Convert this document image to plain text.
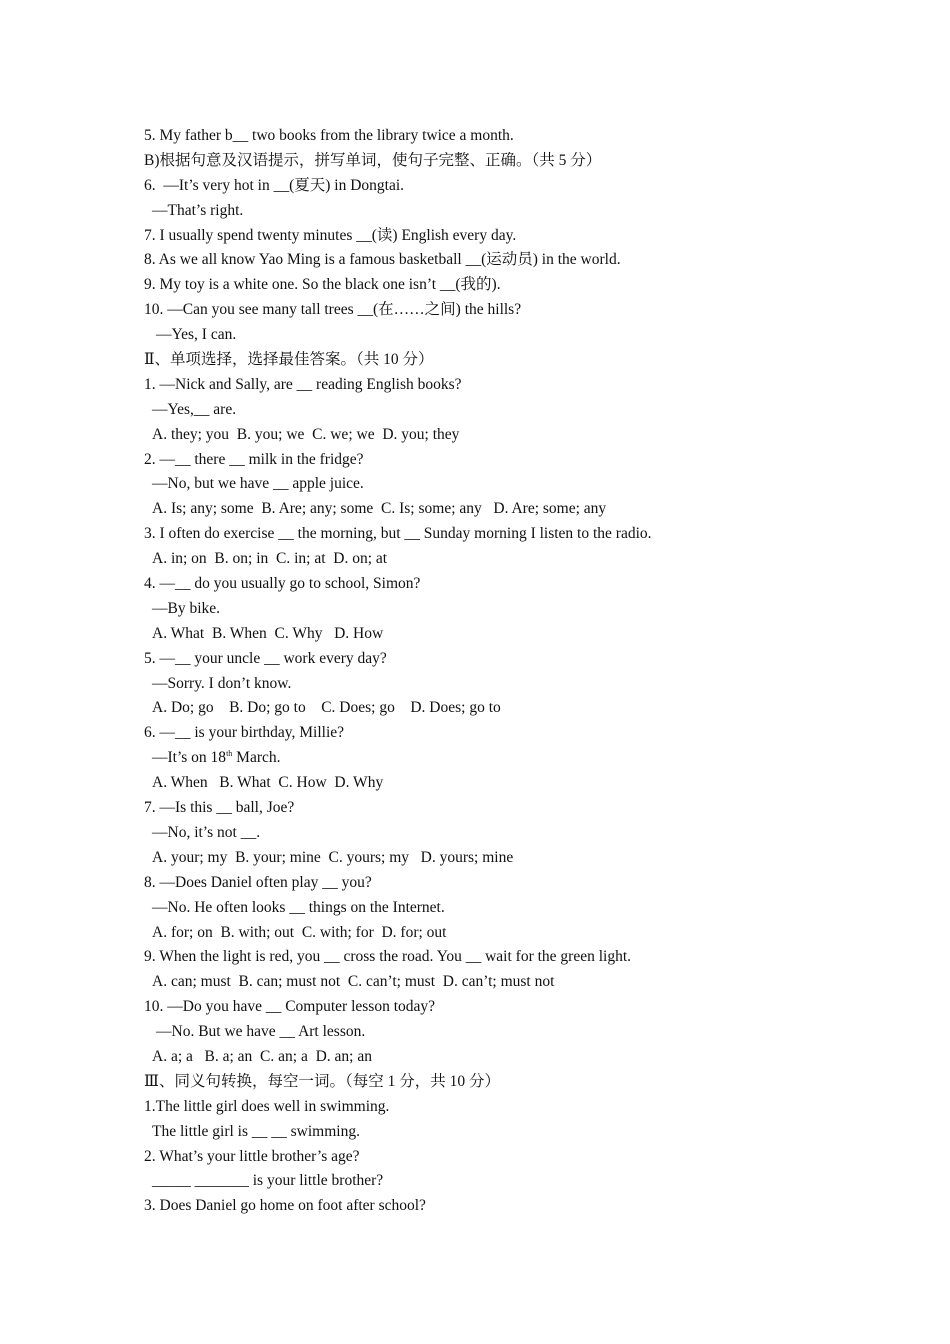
5. My father b__ two books from the library twice a month.
B)根据句意及汉语提示，拼写单词，使句子完整、正确。（共 5 分）
6.  —It’s very hot in __(夏天) in Dongtai.
—That’s right.
7. I usually spend twenty minutes __(读) English every day.
8. As we all know Yao Ming is a famous basketball __(运动员) in the world.
9. My toy is a white one. So the black one isn’t __(我的).
10. —Can you see many tall trees __(在……之间) the hills?
—Yes, I can.
Ⅱ、单项选择，选择最佳答案。（共 10 分）
1. —Nick and Sally, are __ reading English books?
—Yes,__ are.
A. they; you  B. you; we  C. we; we  D. you; they
2. —__ there __ milk in the fridge?
—No, but we have __ apple juice.
A. Is; any; some  B. Are; any; some  C. Is; some; any   D. Are; some; any
3. I often do exercise __ the morning, but __ Sunday morning I listen to the radio.
A. in; on  B. on; in  C. in; at  D. on; at
4. —__ do you usually go to school, Simon?
—By bike.
A. What  B. When  C. Why   D. How
5. —__ your uncle __ work every day?
—Sorry. I don’t know.
A. Do; go    B. Do; go to    C. Does; go    D. Does; go to
6. —__ is your birthday, Millie?
—It’s on 18th March.
A. When   B. What  C. How  D. Why
7. —Is this __ ball, Joe?
—No, it’s not __.
A. your; my  B. your; mine  C. yours; my   D. yours; mine
8. —Does Daniel often play __ you?
—No. He often looks __ things on the Internet.
A. for; on  B. with; out  C. with; for  D. for; out
9. When the light is red, you __ cross the road. You __ wait for the green light.
A. can; must  B. can; must not  C. can’t; must  D. can’t; must not
10. —Do you have __ Computer lesson today?
—No. But we have __ Art lesson.
A. a; a   B. a; an  C. an; a  D. an; an
Ⅲ、同义句转换，每空一词。（每空 1 分，共 10 分）
1.The little girl does well in swimming.
The little girl is __ __ swimming.
2. What’s your little brother’s age?
_____ _______ is your little brother?
3. Does Daniel go home on foot after school?
